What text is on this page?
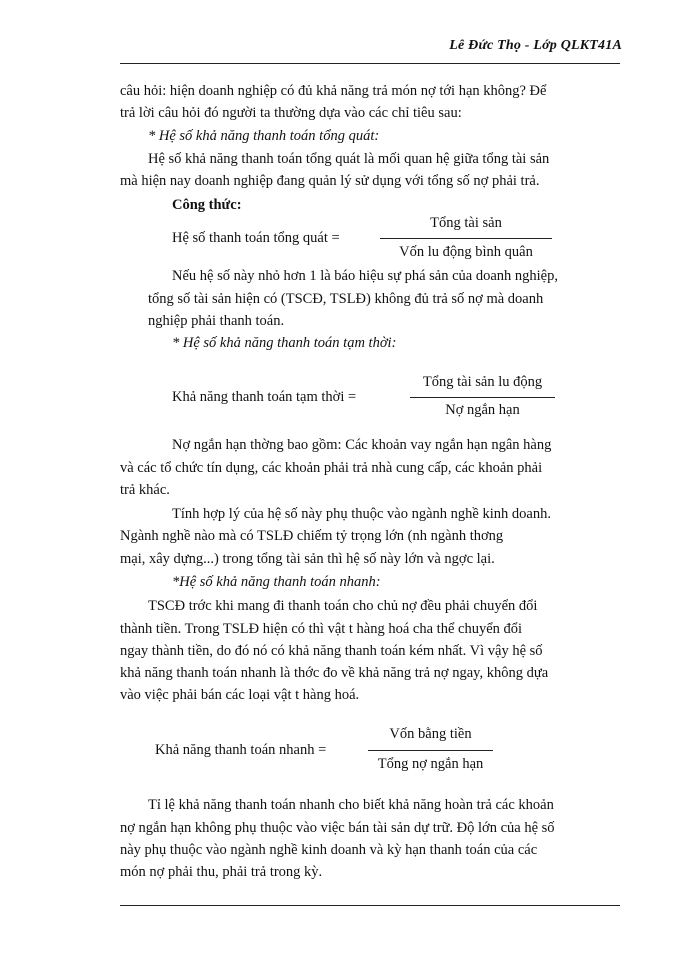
Lê Đức Thọ - Lớp QLKT41A
câu hỏi: hiện doanh nghiệp có đủ khả năng trả món nợ tới hạn không? Để
trả lời câu hỏi đó người ta thường dựa vào các chỉ tiêu sau:
* Hệ số khả năng thanh toán tổng quát:
Hệ số khả năng thanh toán tổng quát là mối quan hệ giữa tổng tài sản
mà hiện nay doanh nghiệp đang quản lý sử dụng với tổng số nợ phải trả.
Công thức:
Tổng tài sản
Hệ số thanh toán tổng quát =
Vốn lu động bình quân
Nếu hệ số này nhỏ hơn 1 là báo hiệu sự phá sản của doanh nghiệp,
tổng số tài sản hiện có (TSCĐ, TSLĐ) không đủ trả số nợ mà doanh
nghiệp phải thanh toán.
* Hệ số khả năng thanh toán tạm thời:
Tổng tài sản lu động
Khả năng thanh toán tạm thời =
Nợ ngắn hạn
Nợ ngắn hạn thờng bao gồm: Các khoản vay ngắn hạn ngân hàng
và các tổ chức tín dụng, các khoản phải trả nhà cung cấp, các khoản phải
trả khác.
Tính hợp lý của hệ số này phụ thuộc vào ngành nghề kinh doanh.
Ngành nghề nào mà có TSLĐ chiếm tỷ trọng lớn (nh ngành thơng
mại, xây dựng...) trong tổng tài sản thì hệ số này lớn và ngợc lại.
*Hệ số khả năng thanh toán nhanh:
TSCĐ trớc khi mang đi thanh toán cho chủ nợ đều phải chuyển đổi
thành tiền. Trong TSLĐ hiện có thì vật t hàng hoá cha thể chuyển đổi
ngay thành tiền, do đó nó có khả năng thanh toán kém nhất. Vì vậy hệ số
khả năng thanh toán nhanh là thớc đo về khả năng trả nợ ngay, không dựa
vào việc phải bán các loại vật t hàng hoá.
Vốn bằng tiền
Khả năng thanh toán nhanh =
Tổng nợ ngắn hạn
Tỉ lệ khả năng thanh toán nhanh cho biết khả năng hoàn trả các khoản
nợ ngắn hạn không phụ thuộc vào việc bán tài sản dự trữ. Độ lớn của hệ số
này phụ thuộc vào ngành nghề kinh doanh và kỳ hạn thanh toán của các
món nợ phải thu, phải trả trong kỳ.
